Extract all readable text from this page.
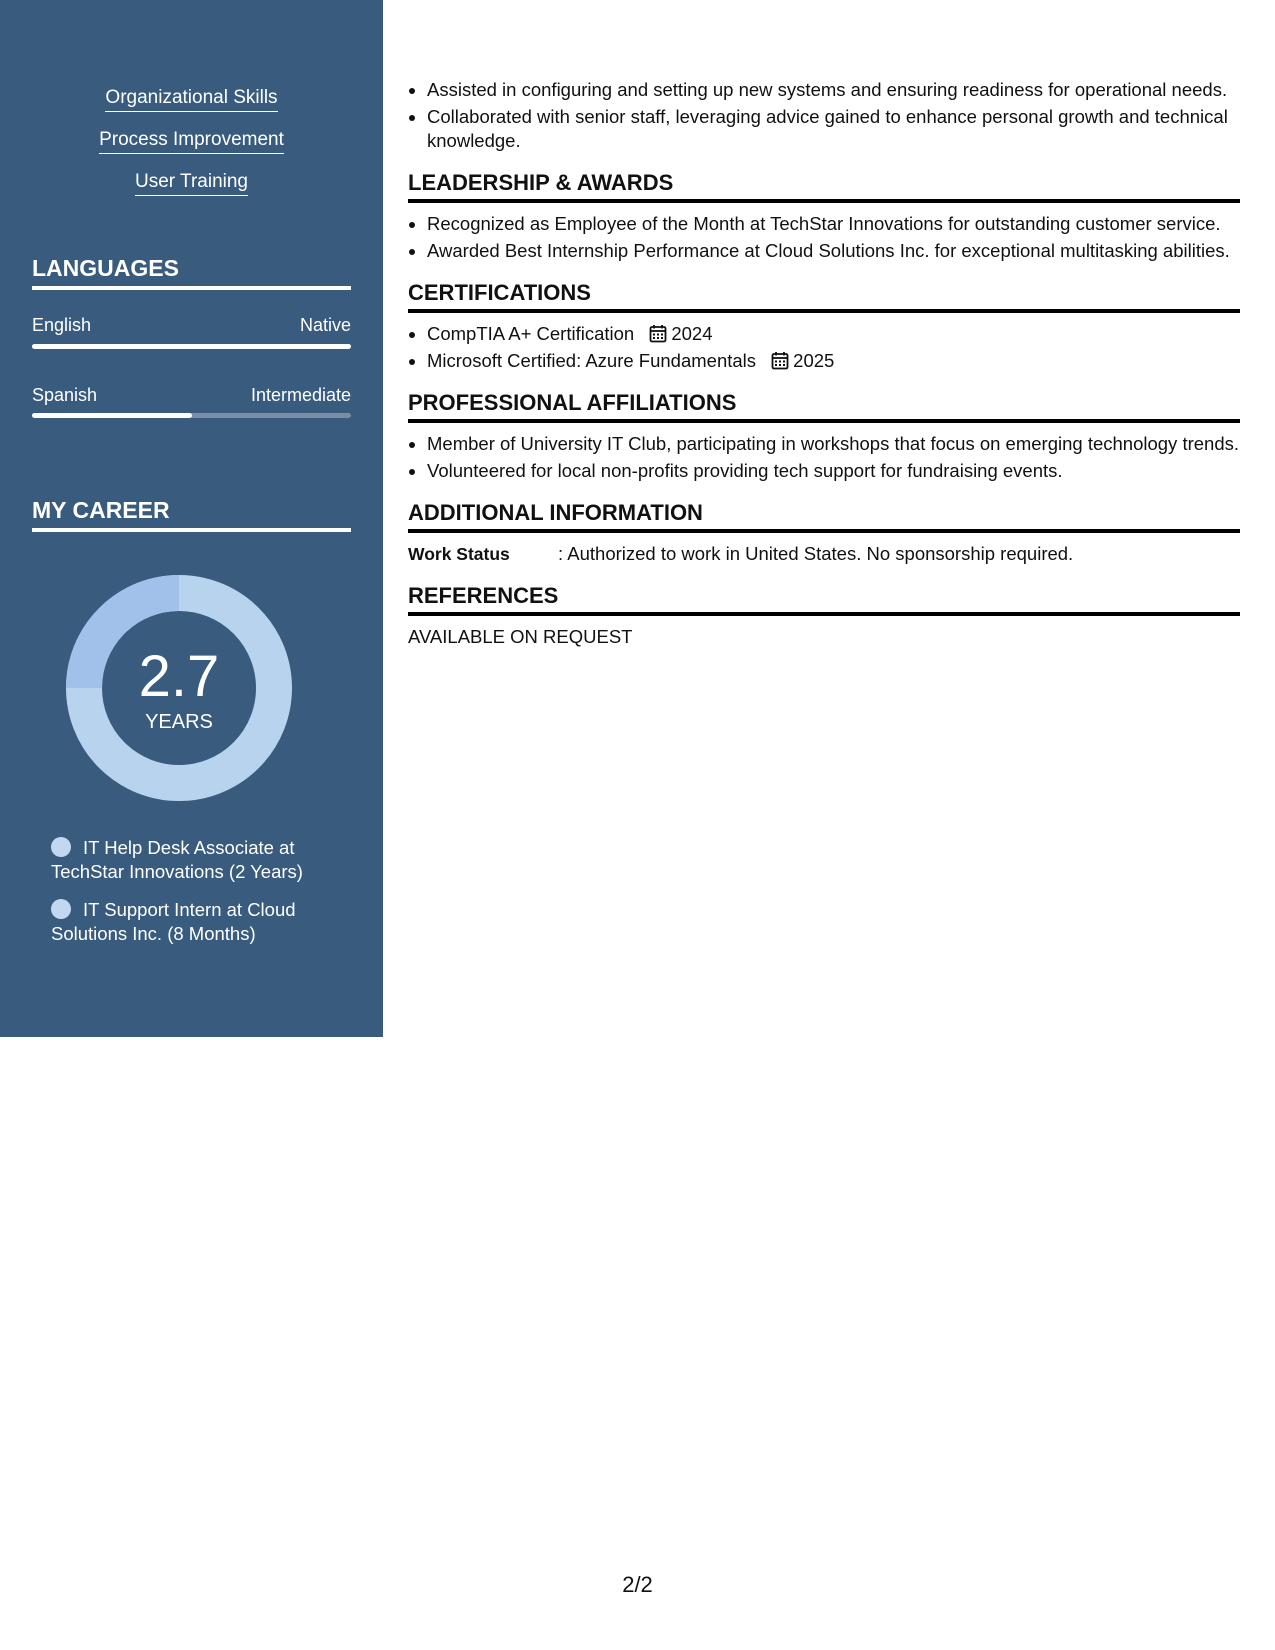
Organizational Skills
Process Improvement
User Training
LANGUAGES
English	Native
Spanish	Intermediate
MY CAREER
2.7
YEARS
IT Help Desk Associate at TechStar Innovations (2 Years)
IT Support Intern at Cloud Solutions Inc. (8 Months)
• Assisted in configuring and setting up new systems and ensuring readiness for operational needs.
• Collaborated with senior staff, leveraging advice gained to enhance personal growth and technical knowledge.
LEADERSHIP & AWARDS
• Recognized as Employee of the Month at TechStar Innovations for outstanding customer service.
• Awarded Best Internship Performance at Cloud Solutions Inc. for exceptional multitasking abilities.
CERTIFICATIONS
• CompTIA A+ Certification 2024
• Microsoft Certified: Azure Fundamentals 2025
PROFESSIONAL AFFILIATIONS
• Member of University IT Club, participating in workshops that focus on emerging technology trends.
• Volunteered for local non-profits providing tech support for fundraising events.
ADDITIONAL INFORMATION
Work Status	: Authorized to work in United States. No sponsorship required.
REFERENCES
AVAILABLE ON REQUEST
2/2
